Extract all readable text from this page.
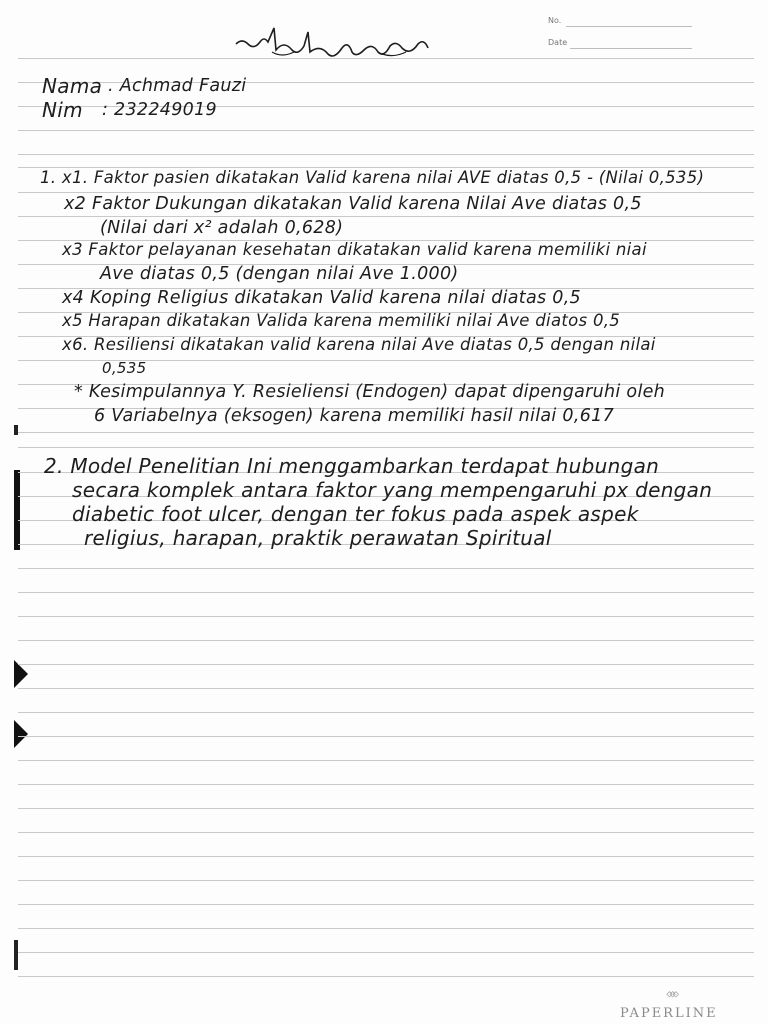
No.
Date
Nama . Achmad Fauzi
Nim : 232249019
1. x1. Faktor pasien dikatakan Valid karena nilai AVE diatas 0,5 - (Nilai 0,535)
x2 Faktor Dukungan dikatakan Valid karena Nilai Ave diatas 0,5
(Nilai dari x² adalah 0,628)
x3 Faktor pelayanan kesehatan dikatakan valid karena memiliki niai
Ave diatas 0,5 (dengan nilai Ave 1.000)
x4 Koping Religius dikatakan Valid karena nilai diatas 0,5
x5 Harapan dikatakan Valida karena memiliki nilai Ave diatos 0,5
x6. Resiliensi dikatakan valid karena nilai Ave diatas 0,5 dengan nilai
0,535
* Kesimpulannya Y. Resieliensi (Endogen) dapat dipengaruhi oleh
6 Variabelnya (eksogen) karena memiliki hasil nilai 0,617
2. Model Penelitian Ini menggambarkan terdapat hubungan
secara komplek antara faktor yang mempengaruhi px dengan
diabetic foot ulcer, dengan ter fokus pada aspek aspek
religius, harapan, praktik perawatan Spiritual
PAPERLINE
